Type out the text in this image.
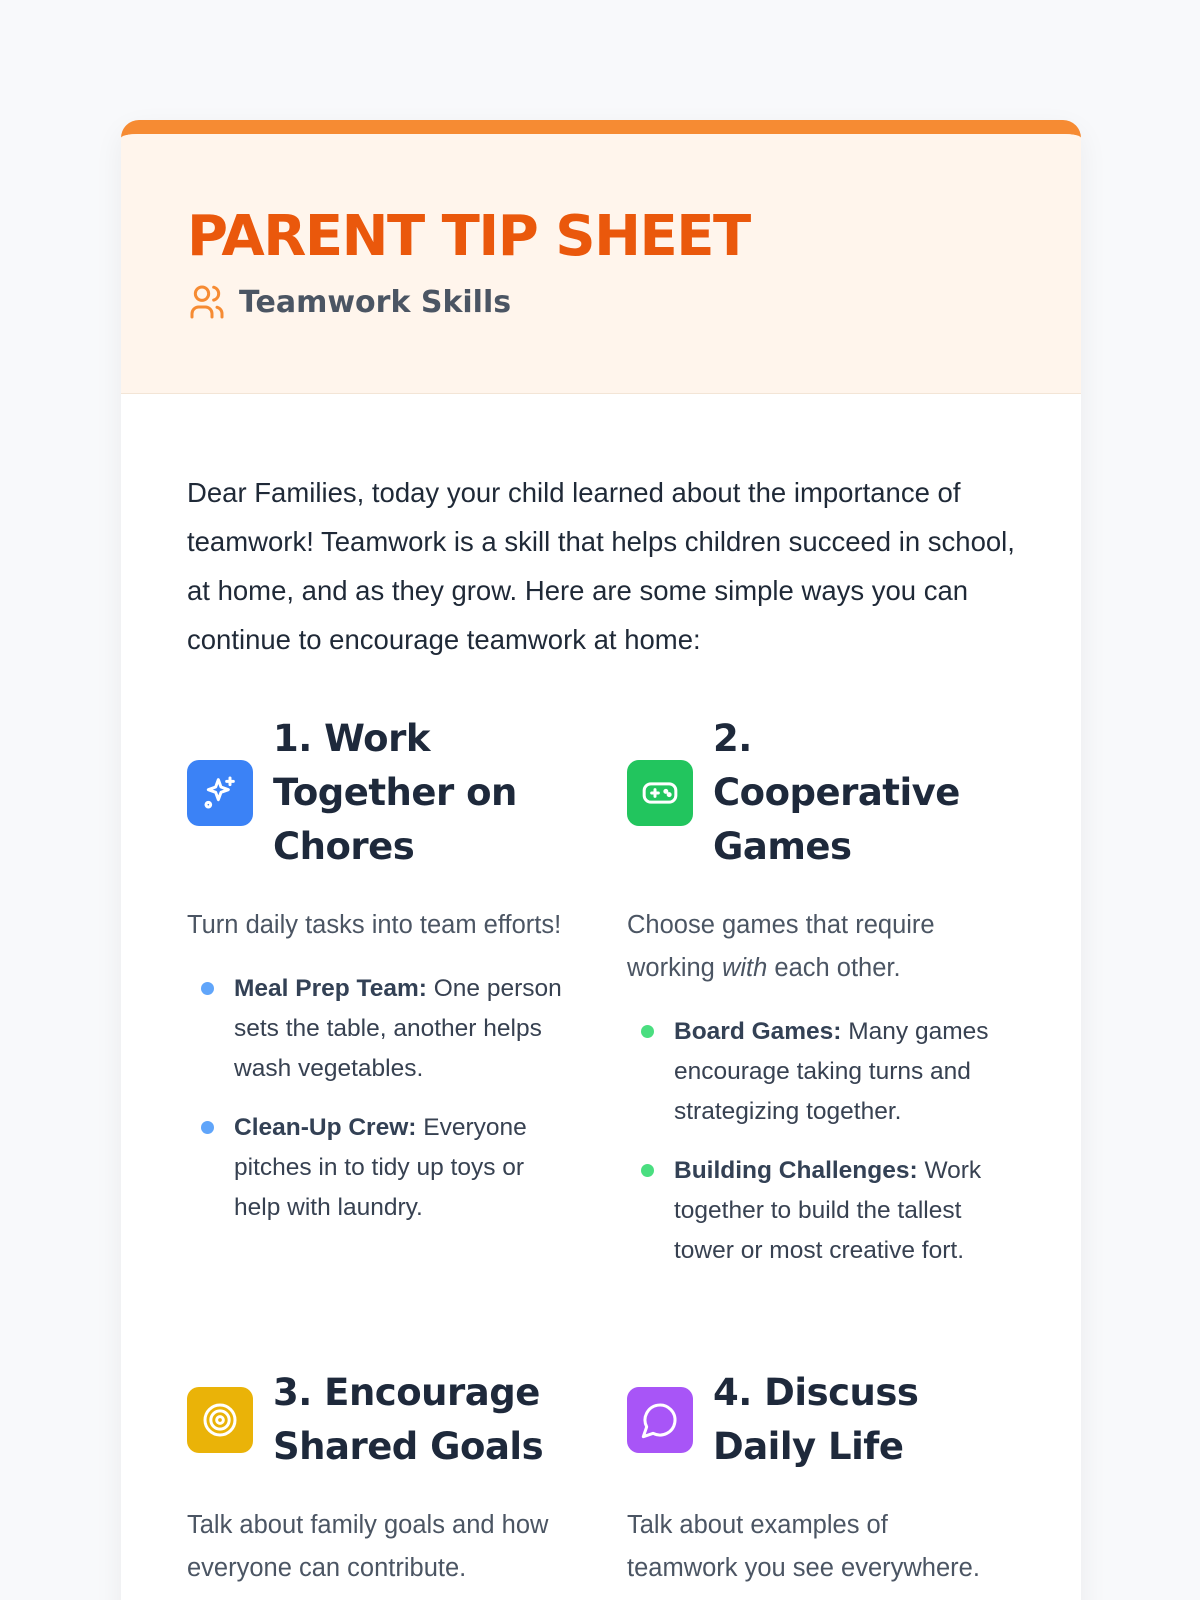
PARENT TIP SHEET
Teamwork Skills

Dear Families, today your child learned about the importance of teamwork! Teamwork is a skill that helps children succeed in school, at home, and as they grow. Here are some simple ways you can continue to encourage teamwork at home:

1. Work Together on Chores

Turn daily tasks into team efforts!

Meal Prep Team: One person sets the table, another helps wash vegetables.
Clean-Up Crew: Everyone pitches in to tidy up toys or help with laundry.
2. Cooperative Games

Choose games that require working with each other.

Board Games: Many games encourage taking turns and strategizing together.
Building Challenges: Work together to build the tallest tower or most creative fort.
3. Encourage Shared Goals

Talk about family goals and how everyone can contribute.

4. Discuss Daily Life

Talk about examples of teamwork you see everywhere.
